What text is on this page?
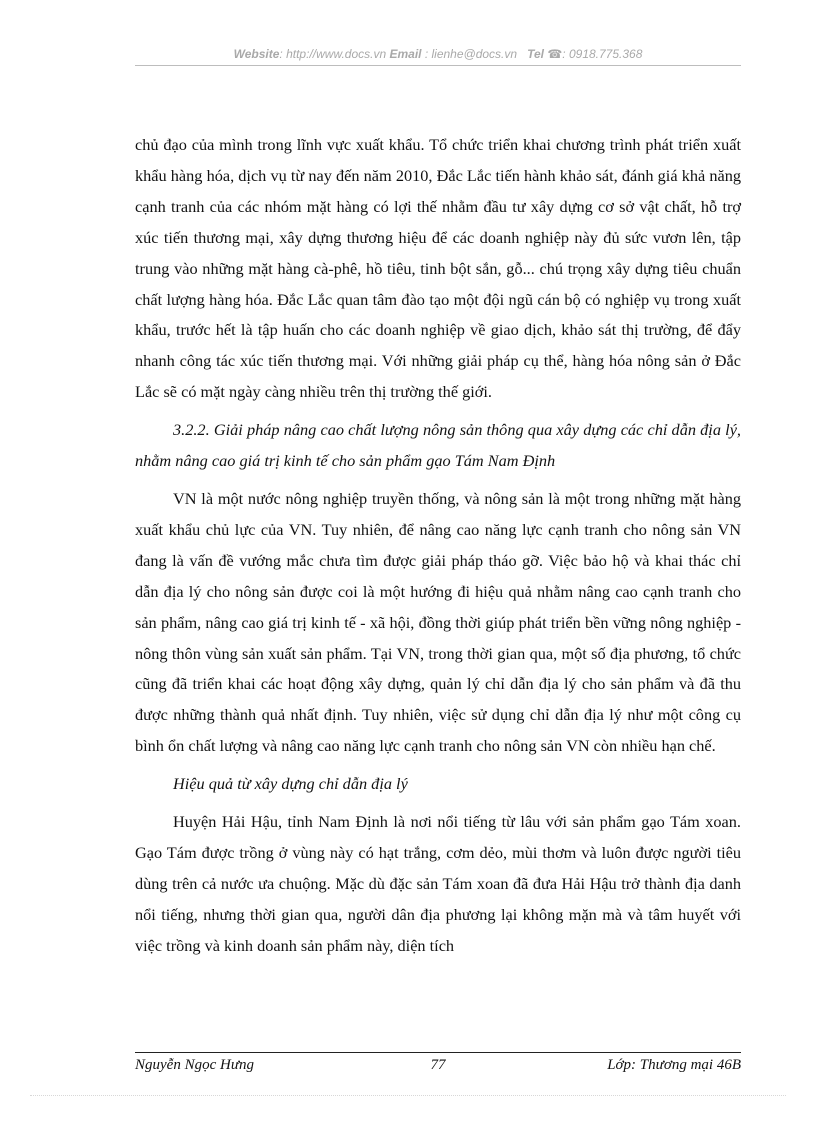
Website: http://www.docs.vn Email : lienhe@docs.vn Tel ☎: 0918.775.368

chủ đạo của mình trong lĩnh vực xuất khẩu. Tổ chức triển khai chương trình phát triển xuất khẩu hàng hóa, dịch vụ từ nay đến năm 2010, Đắc Lắc tiến hành khảo sát, đánh giá khả năng cạnh tranh của các nhóm mặt hàng có lợi thế nhằm đầu tư xây dựng cơ sở vật chất, hỗ trợ xúc tiến thương mại, xây dựng thương hiệu để các doanh nghiệp này đủ sức vươn lên, tập trung vào những mặt hàng cà-phê, hồ tiêu, tinh bột sắn, gỗ... chú trọng xây dựng tiêu chuẩn chất lượng hàng hóa. Đắc Lắc quan tâm đào tạo một đội ngũ cán bộ có nghiệp vụ trong xuất khẩu, trước hết là tập huấn cho các doanh nghiệp về giao dịch, khảo sát thị trường, để đẩy nhanh công tác xúc tiến thương mại. Với những giải pháp cụ thể, hàng hóa nông sản ở Đắc Lắc sẽ có mặt ngày càng nhiều trên thị trường thế giới.

3.2.2. Giải pháp nâng cao chất lượng nông sản thông qua xây dựng các chỉ dẫn địa lý, nhằm nâng cao giá trị kinh tế cho sản phẩm gạo Tám Nam Định

VN là một nước nông nghiệp truyền thống, và nông sản là một trong những mặt hàng xuất khẩu chủ lực của VN. Tuy nhiên, để nâng cao năng lực cạnh tranh cho nông sản VN đang là vấn đề vướng mắc chưa tìm được giải pháp tháo gỡ. Việc bảo hộ và khai thác chỉ dẫn địa lý cho nông sản được coi là một hướng đi hiệu quả nhằm nâng cao cạnh tranh cho sản phẩm, nâng cao giá trị kinh tế - xã hội, đồng thời giúp phát triển bền vững nông nghiệp - nông thôn vùng sản xuất sản phẩm. Tại VN, trong thời gian qua, một số địa phương, tổ chức cũng đã triển khai các hoạt động xây dựng, quản lý chỉ dẫn địa lý cho sản phẩm và đã thu được những thành quả nhất định. Tuy nhiên, việc sử dụng chỉ dẫn địa lý như một công cụ bình ổn chất lượng và nâng cao năng lực cạnh tranh cho nông sản VN còn nhiều hạn chế.

Hiệu quả từ xây dựng chỉ dẫn địa lý

Huyện Hải Hậu, tỉnh Nam Định là nơi nổi tiếng từ lâu với sản phẩm gạo Tám xoan. Gạo Tám được trồng ở vùng này có hạt trắng, cơm dẻo, mùi thơm và luôn được người tiêu dùng trên cả nước ưa chuộng. Mặc dù đặc sản Tám xoan đã đưa Hải Hậu trở thành địa danh nổi tiếng, nhưng thời gian qua, người dân địa phương lại không mặn mà và tâm huyết với việc trồng và kinh doanh sản phẩm này, diện tích

Nguyễn Ngọc Hưng	77	Lớp: Thương mại 46B
